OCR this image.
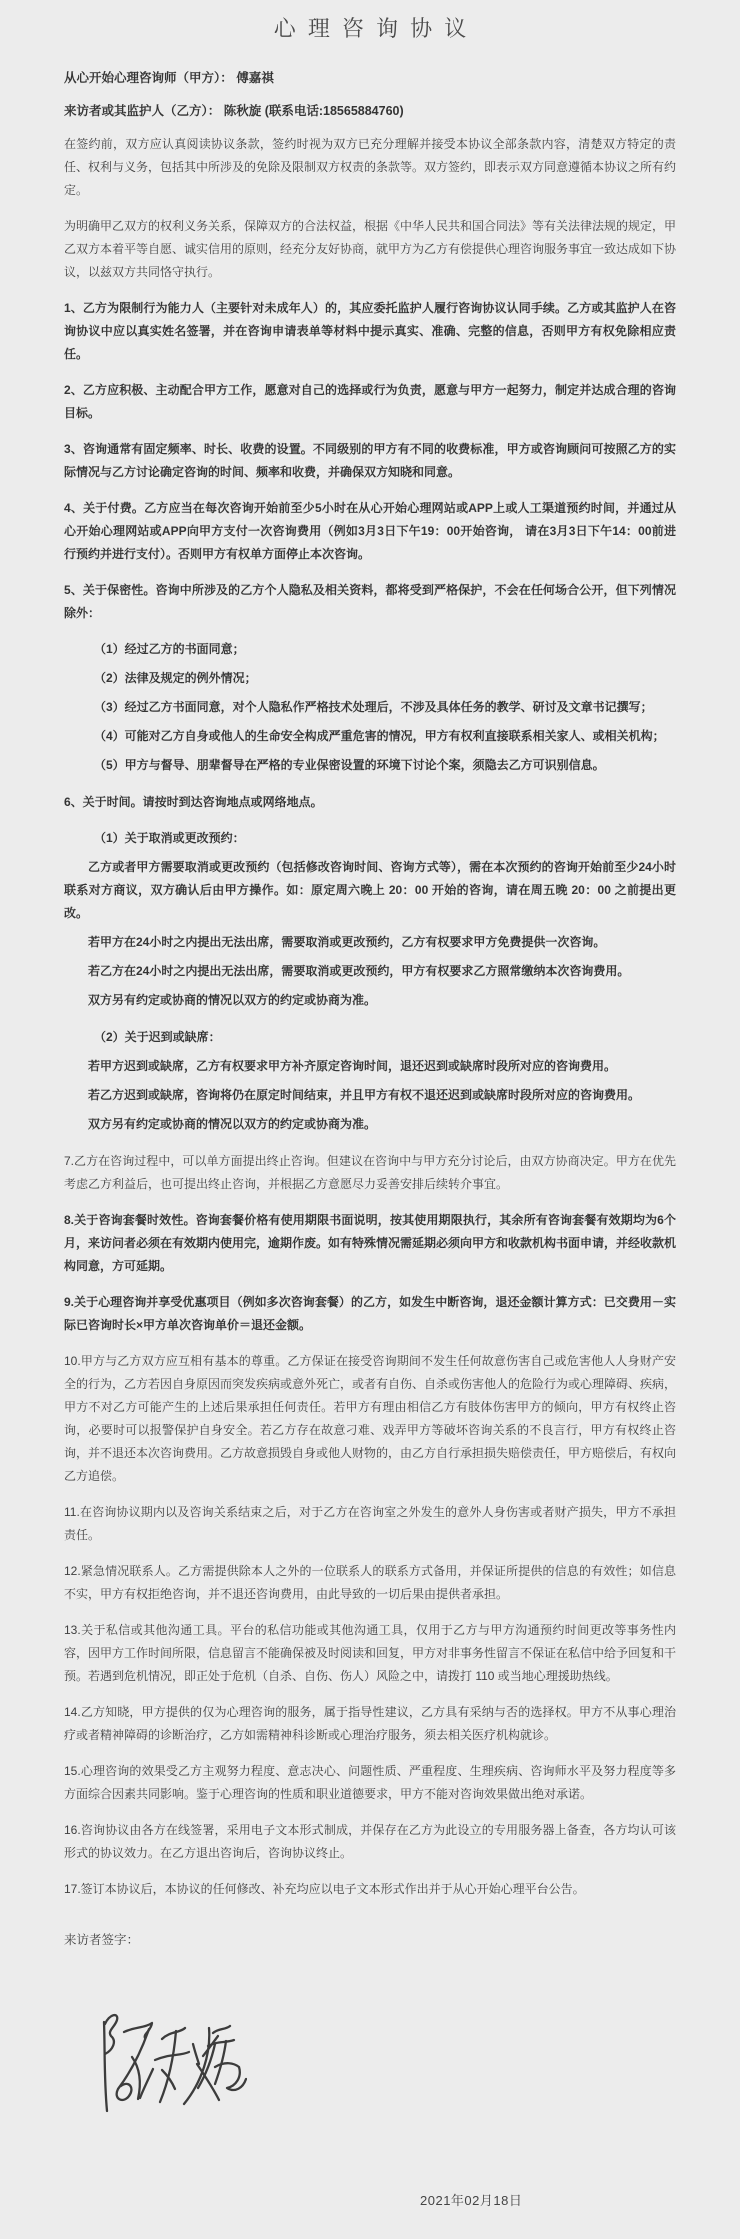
心理咨询协议

从心开始心理咨询师（甲方）： 傅嘉祺

来访者或其监护人（乙方）： 陈秋旋 (联系电话:18565884760)

在签约前，双方应认真阅读协议条款，签约时视为双方已充分理解并接受本协议全部条款内容，清楚双方特定的责任、权利与义务，包括其中所涉及的免除及限制双方权责的条款等。双方签约，即表示双方同意遵循本协议之所有约定。
为明确甲乙双方的权利义务关系，保障双方的合法权益，根据《中华人民共和国合同法》等有关法律法规的规定，甲乙双方本着平等自愿、诚实信用的原则，经充分友好协商，就甲方为乙方有偿提供心理咨询服务事宜一致达成如下协议，以兹双方共同恪守执行。
1、乙方为限制行为能力人（主要针对未成年人）的，其应委托监护人履行咨询协议认同手续。乙方或其监护人在咨询协议中应以真实姓名签署，并在咨询申请表单等材料中提示真实、准确、完整的信息，否则甲方有权免除相应责任。
2、乙方应积极、主动配合甲方工作，愿意对自己的选择或行为负责，愿意与甲方一起努力，制定并达成合理的咨询目标。
3、咨询通常有固定频率、时长、收费的设置。不同级别的甲方有不同的收费标准，甲方或咨询顾问可按照乙方的实际情况与乙方讨论确定咨询的时间、频率和收费，并确保双方知晓和同意。
4、关于付费。乙方应当在每次咨询开始前至少5小时在从心开始心理网站或APP上或人工渠道预约时间，并通过从心开始心理网站或APP向甲方支付一次咨询费用（例如3月3日下午19：00开始咨询， 请在3月3日下午14：00前进行预约并进行支付）。否则甲方有权单方面停止本次咨询。
5、关于保密性。咨询中所涉及的乙方个人隐私及相关资料，都将受到严格保护，不会在任何场合公开，但下列情况除外：
（1）经过乙方的书面同意；
（2）法律及规定的例外情况；
（3）经过乙方书面同意，对个人隐私作严格技术处理后，不涉及具体任务的教学、研讨及文章书记撰写；
（4）可能对乙方自身或他人的生命安全构成严重危害的情况，甲方有权利直接联系相关家人、或相关机构；
（5）甲方与督导、朋辈督导在严格的专业保密设置的环境下讨论个案，须隐去乙方可识别信息。
6、关于时间。请按时到达咨询地点或网络地点。
（1）关于取消或更改预约：
乙方或者甲方需要取消或更改预约（包括修改咨询时间、咨询方式等），需在本次预约的咨询开始前至少24小时联系对方商议，双方确认后由甲方操作。如：原定周六晚上 20：00 开始的咨询，请在周五晚 20：00 之前提出更改。
若甲方在24小时之内提出无法出席，需要取消或更改预约，乙方有权要求甲方免费提供一次咨询。
若乙方在24小时之内提出无法出席，需要取消或更改预约，甲方有权要求乙方照常缴纳本次咨询费用。
双方另有约定或协商的情况以双方的约定或协商为准。
（2）关于迟到或缺席：
若甲方迟到或缺席，乙方有权要求甲方补齐原定咨询时间，退还迟到或缺席时段所对应的咨询费用。
若乙方迟到或缺席，咨询将仍在原定时间结束，并且甲方有权不退还迟到或缺席时段所对应的咨询费用。
双方另有约定或协商的情况以双方的约定或协商为准。
7.乙方在咨询过程中，可以单方面提出终止咨询。但建议在咨询中与甲方充分讨论后，由双方协商决定。甲方在优先考虑乙方利益后，也可提出终止咨询，并根据乙方意愿尽力妥善安排后续转介事宜。
8.关于咨询套餐时效性。咨询套餐价格有使用期限书面说明，按其使用期限执行，其余所有咨询套餐有效期均为6个月，来访问者必须在有效期内使用完，逾期作废。如有特殊情况需延期必须向甲方和收款机构书面申请，并经收款机构同意，方可延期。
9.关于心理咨询并享受优惠项目（例如多次咨询套餐）的乙方，如发生中断咨询，退还金额计算方式：已交费用－实际已咨询时长×甲方单次咨询单价＝退还金额。
10.甲方与乙方双方应互相有基本的尊重。乙方保证在接受咨询期间不发生任何故意伤害自己或危害他人人身财产安全的行为，乙方若因自身原因而突发疾病或意外死亡，或者有自伤、自杀或伤害他人的危险行为或心理障碍、疾病，甲方不对乙方可能产生的上述后果承担任何责任。若甲方有理由相信乙方有肢体伤害甲方的倾向，甲方有权终止咨询，必要时可以报警保护自身安全。若乙方存在故意刁难、戏弄甲方等破坏咨询关系的不良言行，甲方有权终止咨询，并不退还本次咨询费用。乙方故意损毁自身或他人财物的，由乙方自行承担损失赔偿责任，甲方赔偿后，有权向乙方追偿。
11.在咨询协议期内以及咨询关系结束之后，对于乙方在咨询室之外发生的意外人身伤害或者财产损失，甲方不承担责任。
12.紧急情况联系人。乙方需提供除本人之外的一位联系人的联系方式备用，并保证所提供的信息的有效性；如信息不实，甲方有权拒绝咨询，并不退还咨询费用，由此导致的一切后果由提供者承担。
13.关于私信或其他沟通工具。平台的私信功能或其他沟通工具，仅用于乙方与甲方沟通预约时间更改等事务性内容，因甲方工作时间所限，信息留言不能确保被及时阅读和回复，甲方对非事务性留言不保证在私信中给予回复和干预。若遇到危机情况，即正处于危机（自杀、自伤、伤人）风险之中，请拨打 110 或当地心理援助热线。
14.乙方知晓，甲方提供的仅为心理咨询的服务，属于指导性建议，乙方具有采纳与否的选择权。甲方不从事心理治疗或者精神障碍的诊断治疗，乙方如需精神科诊断或心理治疗服务，须去相关医疗机构就诊。
15.心理咨询的效果受乙方主观努力程度、意志决心、问题性质、严重程度、生理疾病、咨询师水平及努力程度等多方面综合因素共同影响。鉴于心理咨询的性质和职业道德要求，甲方不能对咨询效果做出绝对承诺。
16.咨询协议由各方在线签署，采用电子文本形式制成，并保存在乙方为此设立的专用服务器上备查，各方均认可该形式的协议效力。在乙方退出咨询后，咨询协议终止。
17.签订本协议后，本协议的任何修改、补充均应以电子文本形式作出并于从心开始心理平台公告。

来访者签字：

2021年02月18日
